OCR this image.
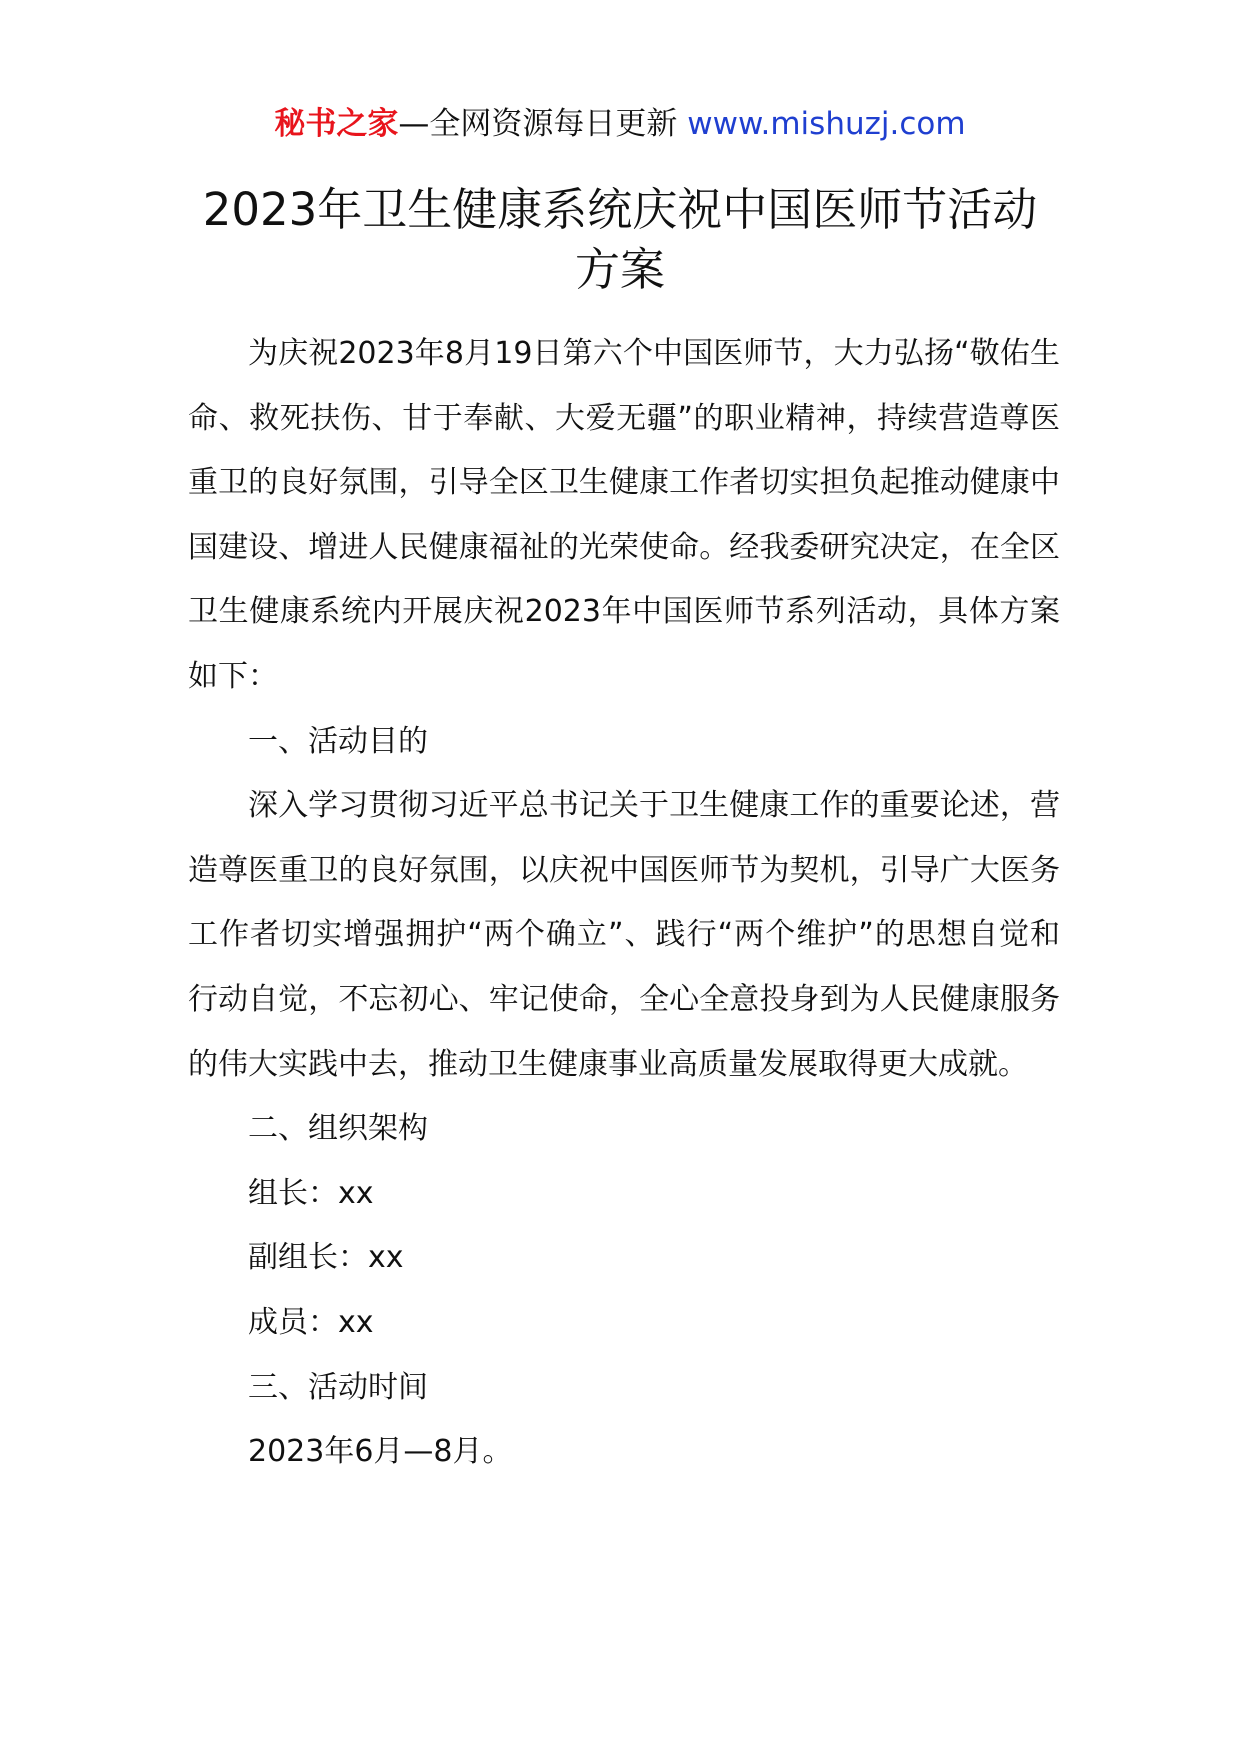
秘书之家—全网资源每日更新 www.mishuzj.com
2023年卫生健康系统庆祝中国医师节活动
方案

为庆祝2023年8月19日第六个中国医师节，大力弘扬“敬佑生命、救死扶伤、甘于奉献、大爱无疆”的职业精神，持续营造尊医重卫的良好氛围，引导全区卫生健康工作者切实担负起推动健康中国建设、增进人民健康福祉的光荣使命。经我委研究决定，在全区卫生健康系统内开展庆祝2023年中国医师节系列活动，具体方案如下：

一、活动目的

深入学习贯彻习近平总书记关于卫生健康工作的重要论述，营造尊医重卫的良好氛围，以庆祝中国医师节为契机，引导广大医务工作者切实增强拥护“两个确立”、践行“两个维护”的思想自觉和行动自觉，不忘初心、牢记使命，全心全意投身到为人民健康服务的伟大实践中去，推动卫生健康事业高质量发展取得更大成就。

二、组织架构

组长：xx

副组长：xx

成员：xx

三、活动时间

2023年6月—8月。
